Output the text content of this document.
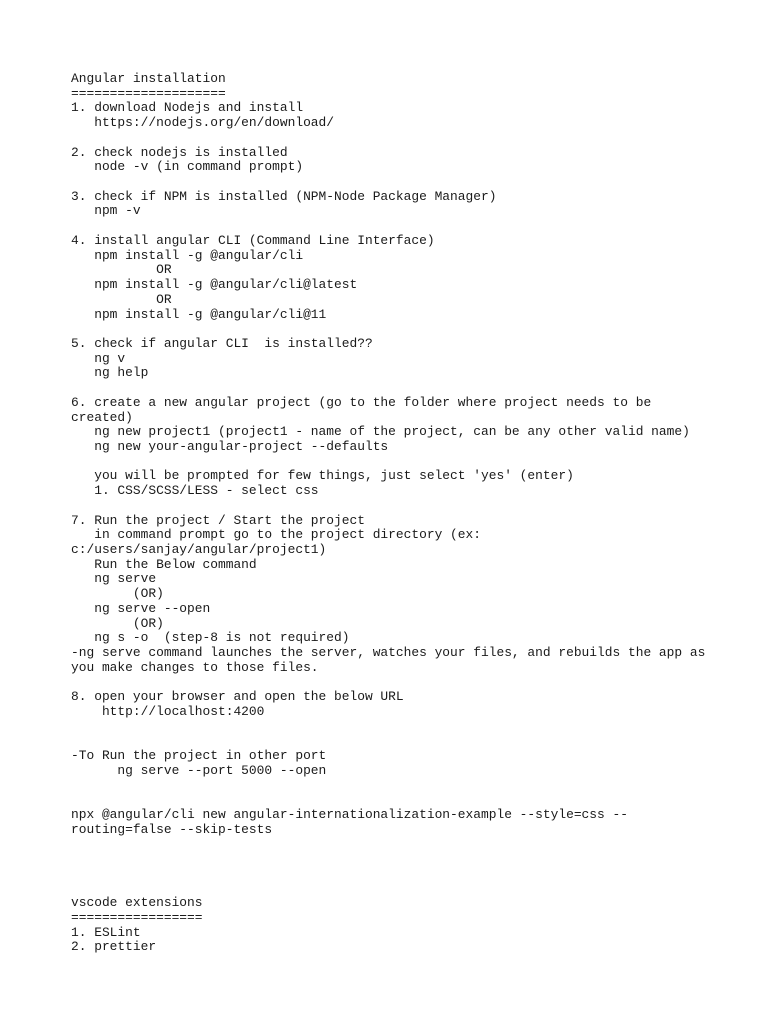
Angular installation
====================
1. download Nodejs and install
https://nodejs.org/en/download/
2. check nodejs is installed
node -v (in command prompt)
3. check if NPM is installed (NPM-Node Package Manager)
npm -v
4. install angular CLI (Command Line Interface)
npm install -g @angular/cli
OR
npm install -g @angular/cli@latest
OR
npm install -g @angular/cli@11
5. check if angular CLI  is installed??
ng v
ng help
6. create a new angular project (go to the folder where project needs to be
created)
ng new project1 (project1 - name of the project, can be any other valid name)
ng new your-angular-project --defaults
you will be prompted for few things, just select 'yes' (enter)
1. CSS/SCSS/LESS - select css
7. Run the project / Start the project
in command prompt go to the project directory (ex:
c:/users/sanjay/angular/project1)
Run the Below command
ng serve
(OR)
ng serve --open
(OR)
ng s -o  (step-8 is not required)
-ng serve command launches the server, watches your files, and rebuilds the app as
you make changes to those files.
8. open your browser and open the below URL
http://localhost:4200
-To Run the project in other port
ng serve --port 5000 --open
npx @angular/cli new angular-internationalization-example --style=css --
routing=false --skip-tests
vscode extensions
=================
1. ESLint
2. prettier
